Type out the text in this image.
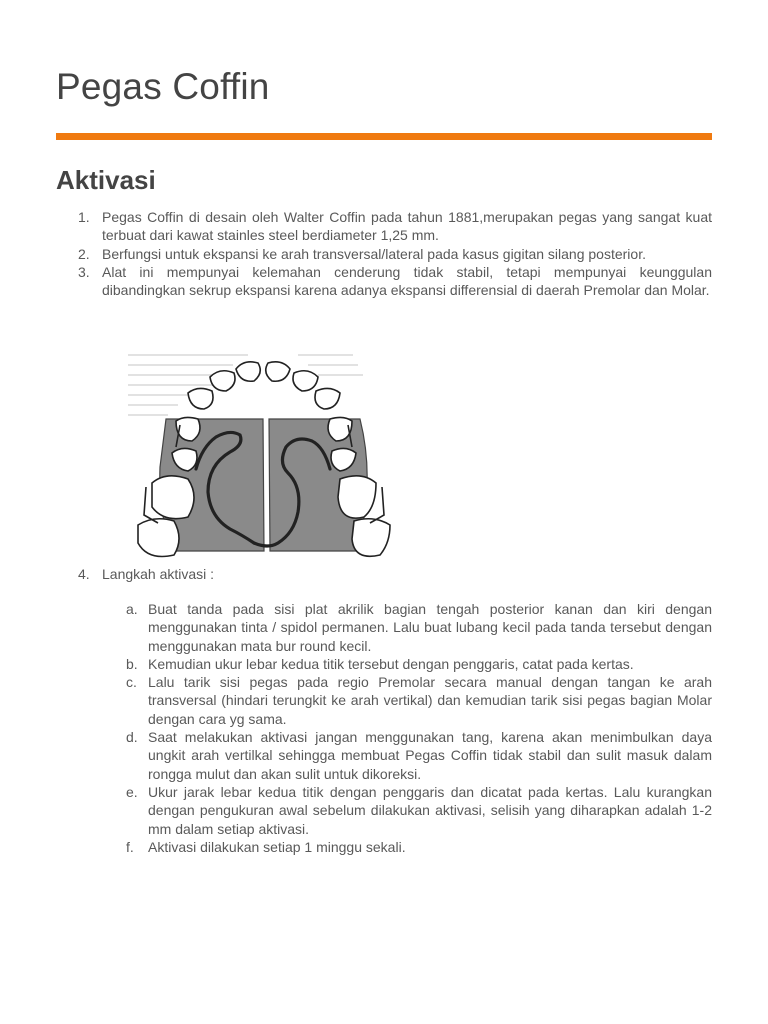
Pegas Coffin
Aktivasi
1. Pegas Coffin di desain oleh Walter Coffin pada tahun 1881,merupakan pegas yang sangat kuat terbuat dari kawat stainles steel berdiameter 1,25 mm.
2. Berfungsi untuk ekspansi ke arah transversal/lateral pada kasus gigitan silang posterior.
3. Alat ini mempunyai kelemahan cenderung tidak stabil, tetapi mempunyai keunggulan dibandingkan sekrup ekspansi karena adanya ekspansi differensial di daerah Premolar dan Molar.
4. Langkah aktivasi :
a. Buat tanda pada sisi plat akrilik bagian tengah posterior kanan dan kiri dengan menggunakan tinta / spidol permanen. Lalu buat lubang kecil pada tanda tersebut dengan menggunakan mata bur round kecil.
b. Kemudian ukur lebar kedua titik tersebut dengan penggaris, catat pada kertas.
c. Lalu tarik sisi pegas pada regio Premolar secara manual dengan tangan ke arah transversal (hindari terungkit ke arah vertikal) dan kemudian tarik sisi pegas bagian Molar dengan cara yg sama.
d. Saat melakukan aktivasi jangan menggunakan tang, karena akan menimbulkan daya ungkit arah vertilkal sehingga membuat Pegas Coffin tidak stabil dan sulit masuk dalam rongga mulut dan akan sulit untuk dikoreksi.
e. Ukur jarak lebar kedua titik dengan penggaris dan dicatat pada kertas. Lalu kurangkan dengan pengukuran awal sebelum dilakukan aktivasi, selisih yang diharapkan adalah 1-2 mm dalam setiap aktivasi.
f. Aktivasi dilakukan setiap 1 minggu sekali.
